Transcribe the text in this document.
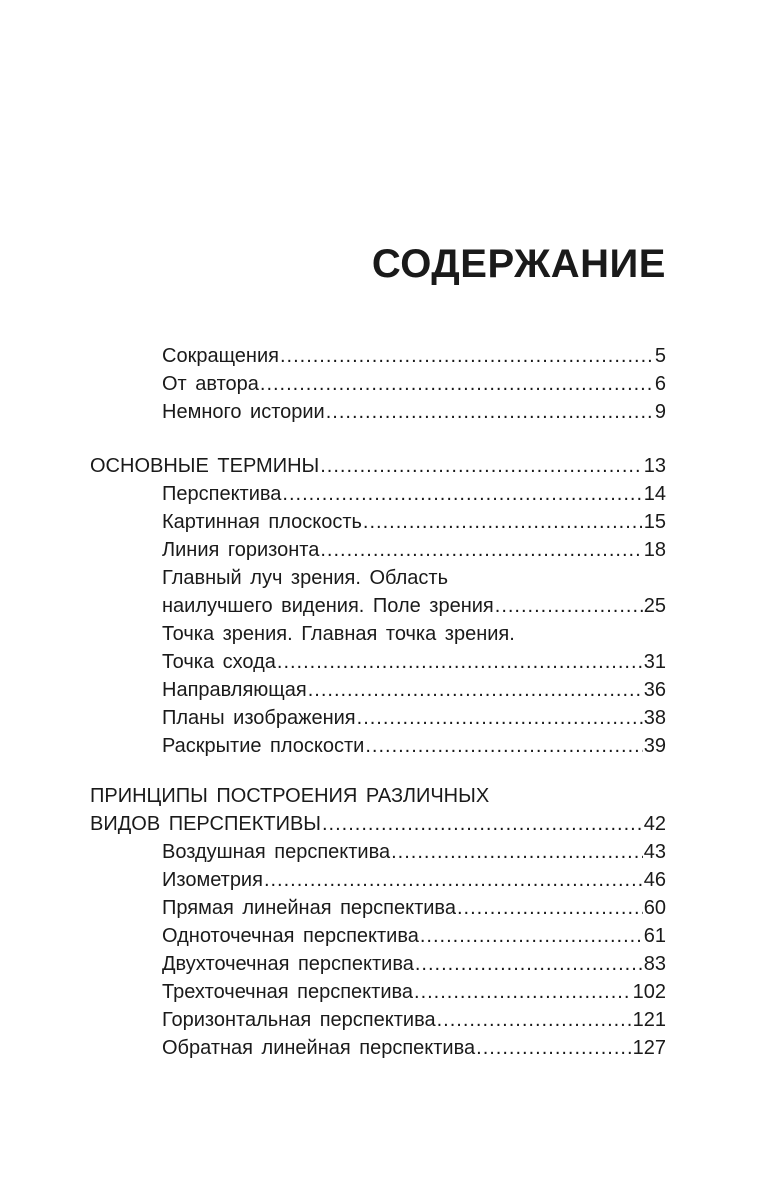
СОДЕРЖАНИЕ
Сокращения .....	5
От автора .....	6
Немного истории .....	9
ОСНОВНЫЕ ТЕРМИНЫ .....	13
Перспектива .....	14
Картинная плоскость .....	15
Линия горизонта .....	18
Главный луч зрения. Область
наилучшего видения. Поле зрения .....	25
Точка зрения. Главная точка зрения.
Точка схода .....	31
Направляющая .....	36
Планы изображения .....	38
Раскрытие плоскости .....	39
ПРИНЦИПЫ ПОСТРОЕНИЯ РАЗЛИЧНЫХ
ВИДОВ ПЕРСПЕКТИВЫ .....	42
Воздушная перспектива .....	43
Изометрия .....	46
Прямая линейная перспектива .....	60
Одноточечная перспектива .....	61
Двухточечная перспектива .....	83
Трехточечная перспектива .....	102
Горизонтальная перспектива .....	121
Обратная линейная перспектива .....	127
